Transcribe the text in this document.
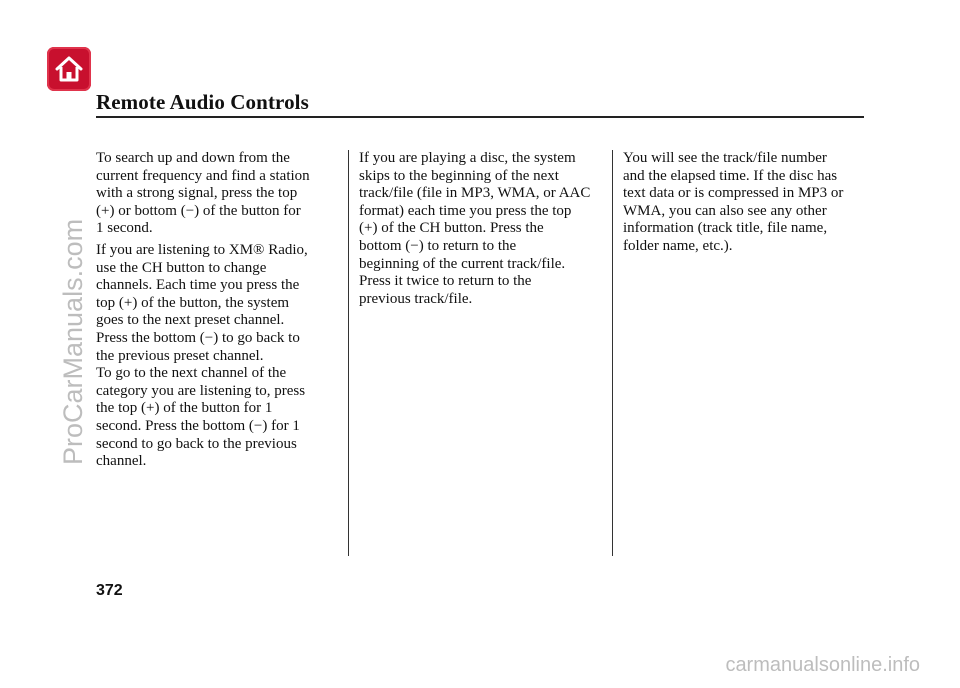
Remote Audio Controls

To search up and down from the
current frequency and find a station
with a strong signal, press the top
(+) or bottom (−) of the button for
1 second.

If you are listening to XM® Radio,
use the CH button to change
channels. Each time you press the
top (+) of the button, the system
goes to the next preset channel.
Press the bottom (−) to go back to
the previous preset channel.
To go to the next channel of the
category you are listening to, press
the top (+) of the button for 1
second. Press the bottom (−) for 1
second to go back to the previous
channel.

If you are playing a disc, the system
skips to the beginning of the next
track/file (file in MP3, WMA, or AAC
format) each time you press the top
(+) of the CH button. Press the
bottom (−) to return to the
beginning of the current track/file.
Press it twice to return to the
previous track/file.

You will see the track/file number
and the elapsed time. If the disc has
text data or is compressed in MP3 or
WMA, you can also see any other
information (track title, file name,
folder name, etc.).

372
ProCarManuals.com
carmanualsonline.info
